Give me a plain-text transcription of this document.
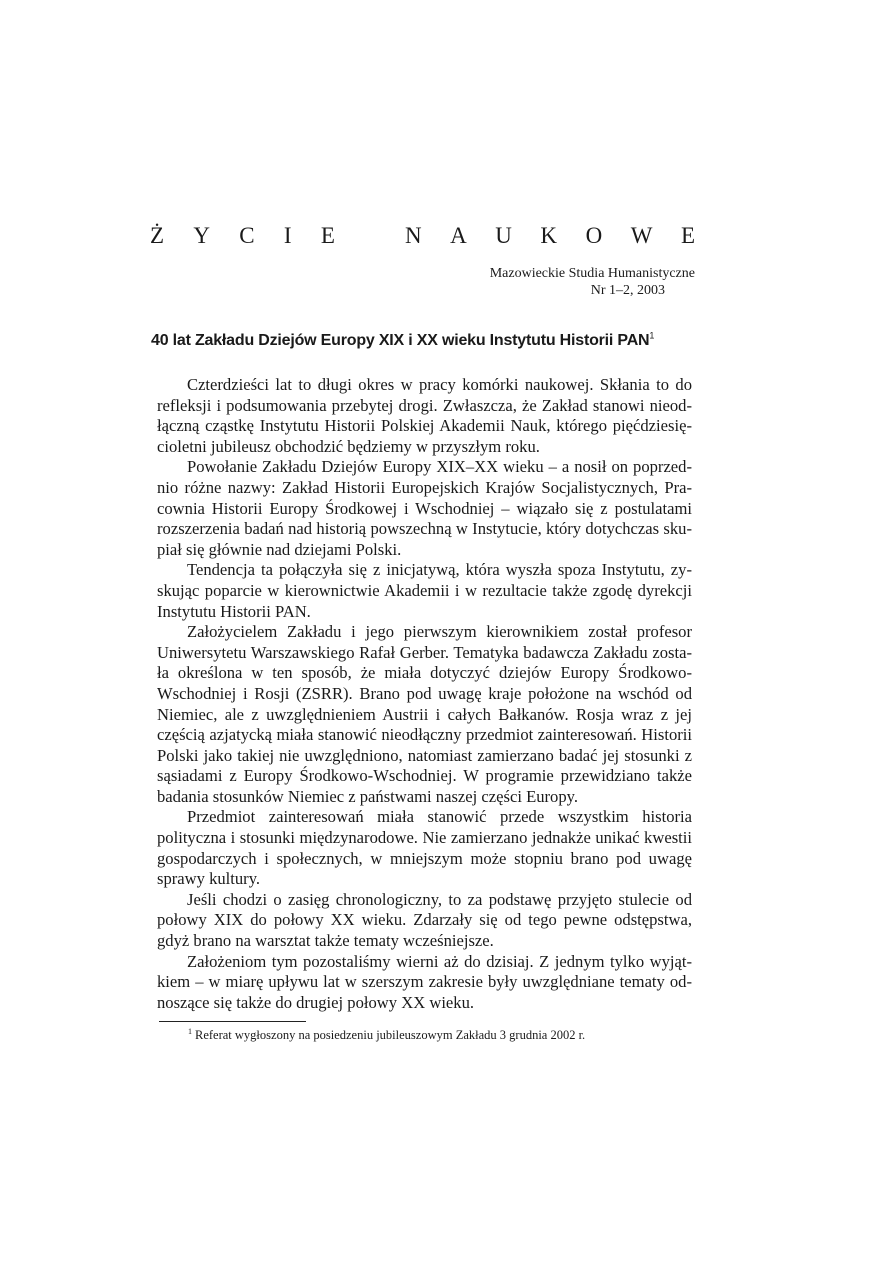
Ż Y C I E	N A U K O W E
Mazowieckie Studia Humanistyczne
Nr 1–2, 2003
40 lat Zakładu Dziejów Europy XIX i XX wieku Instytutu Historii PAN$^1$

Czterdzieści lat to długi okres w pracy komórki naukowej. Skłania to do refleksji i podsumowania przebytej drogi. Zwłaszcza, że Zakład stanowi nieodłączną cząstkę Instytutu Historii Polskiej Akademii Nauk, którego pięćdziesięcioletni jubileusz obchodzić będziemy w przyszłym roku.

Powołanie Zakładu Dziejów Europy XIX–XX wieku – a nosił on poprzednio różne nazwy: Zakład Historii Europejskich Krajów Socjalistycznych, Pracownia Historii Europy Środkowej i Wschodniej – wiązało się z postulatami rozszerzenia badań nad historią powszechną w Instytucie, który dotychczas skupiał się głównie nad dziejami Polski.

Tendencja ta połączyła się z inicjatywą, która wyszła spoza Instytutu, zyskując poparcie w kierownictwie Akademii i w rezultacie także zgodę dyrekcji Instytutu Historii PAN.

Założycielem Zakładu i jego pierwszym kierownikiem został profesor Uniwersytetu Warszawskiego Rafał Gerber. Tematyka badawcza Zakładu została określona w ten sposób, że miała dotyczyć dziejów Europy Środkowo-Wschodniej i Rosji (ZSRR). Brano pod uwagę kraje położone na wschód od Niemiec, ale z uwzględnieniem Austrii i całych Bałkanów. Rosja wraz z jej częścią azjatycką miała stanowić nieodłączny przedmiot zainteresowań. Historii Polski jako takiej nie uwzględniono, natomiast zamierzano badać jej stosunki z sąsiadami z Europy Środkowo-Wschodniej. W programie przewidziano także badania stosunków Niemiec z państwami naszej części Europy.

Przedmiot zainteresowań miała stanowić przede wszystkim historia polityczna i stosunki międzynarodowe. Nie zamierzano jednakże unikać kwestii gospodarczych i społecznych, w mniejszym może stopniu brano pod uwagę sprawy kultury.

Jeśli chodzi o zasięg chronologiczny, to za podstawę przyjęto stulecie od połowy XIX do połowy XX wieku. Zdarzały się od tego pewne odstępstwa, gdyż brano na warsztat także tematy wcześniejsze.

Założeniom tym pozostaliśmy wierni aż do dzisiaj. Z jednym tylko wyjątkiem – w miarę upływu lat w szerszym zakresie były uwzględniane tematy odnoszące się także do drugiej połowy XX wieku.

$^1$ Referat wygłoszony na posiedzeniu jubileuszowym Zakładu 3 grudnia 2002 r.
